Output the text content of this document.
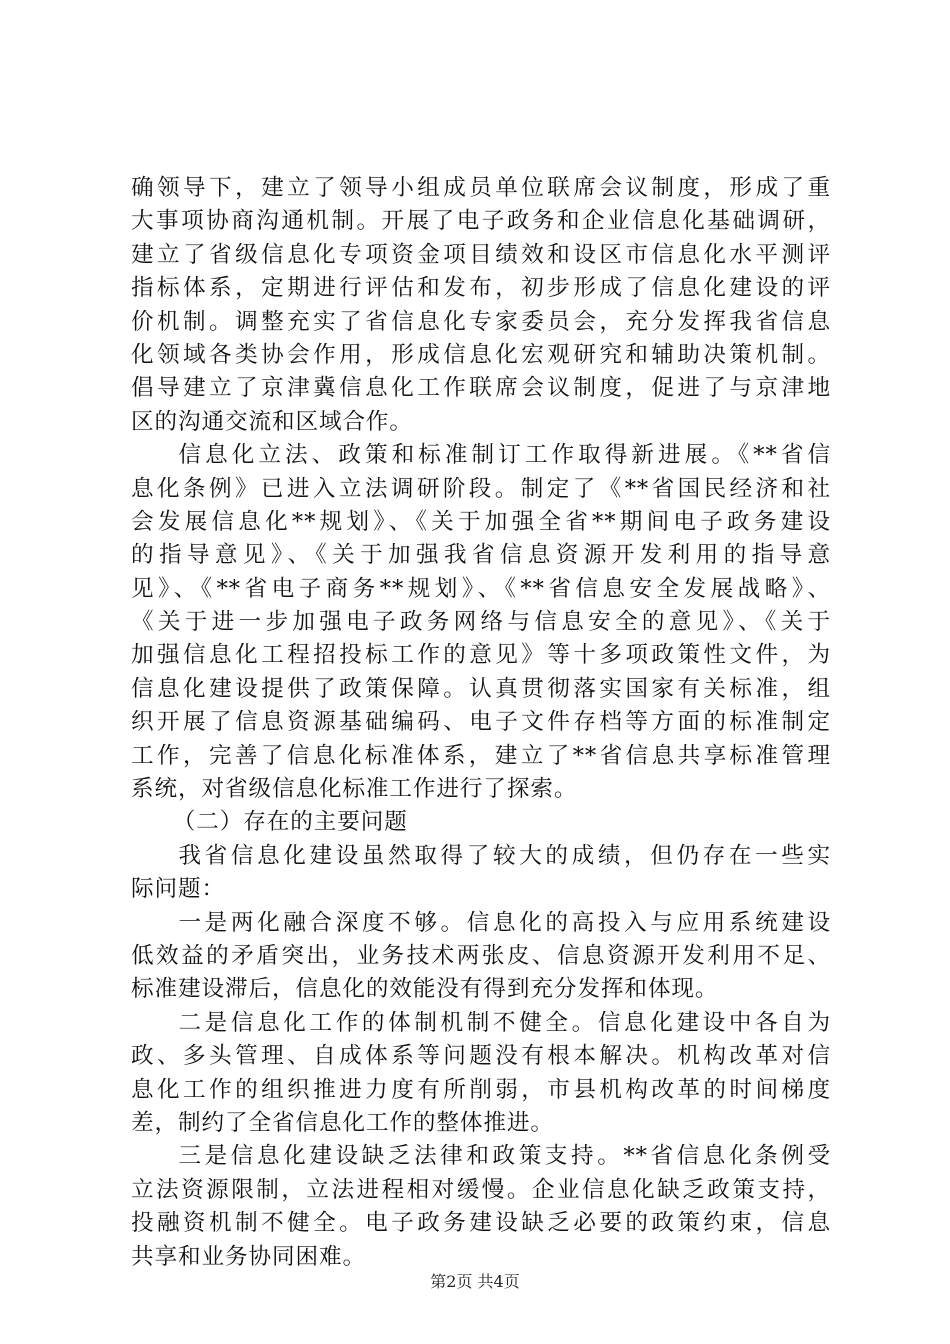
确领导下，建立了领导小组成员单位联席会议制度，形成了重
大事项协商沟通机制。开展了电子政务和企业信息化基础调研，
建立了省级信息化专项资金项目绩效和设区市信息化水平测评
指标体系，定期进行评估和发布，初步形成了信息化建设的评
价机制。调整充实了省信息化专家委员会，充分发挥我省信息
化领域各类协会作用，形成信息化宏观研究和辅助决策机制。
倡导建立了京津冀信息化工作联席会议制度，促进了与京津地
区的沟通交流和区域合作。
信息化立法、政策和标准制订工作取得新进展。《**省信
息化条例》已进入立法调研阶段。制定了《**省国民经济和社
会发展信息化**规划》、《关于加强全省**期间电子政务建设
的指导意见》、《关于加强我省信息资源开发利用的指导意
见》、《**省电子商务**规划》、《**省信息安全发展战略》、
《关于进一步加强电子政务网络与信息安全的意见》、《关于
加强信息化工程招投标工作的意见》等十多项政策性文件，为
信息化建设提供了政策保障。认真贯彻落实国家有关标准，组
织开展了信息资源基础编码、电子文件存档等方面的标准制定
工作，完善了信息化标准体系，建立了**省信息共享标准管理
系统，对省级信息化标准工作进行了探索。
（二）存在的主要问题
我省信息化建设虽然取得了较大的成绩，但仍存在一些实
际问题：
一是两化融合深度不够。信息化的高投入与应用系统建设
低效益的矛盾突出，业务技术两张皮、信息资源开发利用不足、
标准建设滞后，信息化的效能没有得到充分发挥和体现。
二是信息化工作的体制机制不健全。信息化建设中各自为
政、多头管理、自成体系等问题没有根本解决。机构改革对信
息化工作的组织推进力度有所削弱，市县机构改革的时间梯度
差，制约了全省信息化工作的整体推进。
三是信息化建设缺乏法律和政策支持。**省信息化条例受
立法资源限制，立法进程相对缓慢。企业信息化缺乏政策支持，
投融资机制不健全。电子政务建设缺乏必要的政策约束，信息
共享和业务协同困难。
第2页 共4页
